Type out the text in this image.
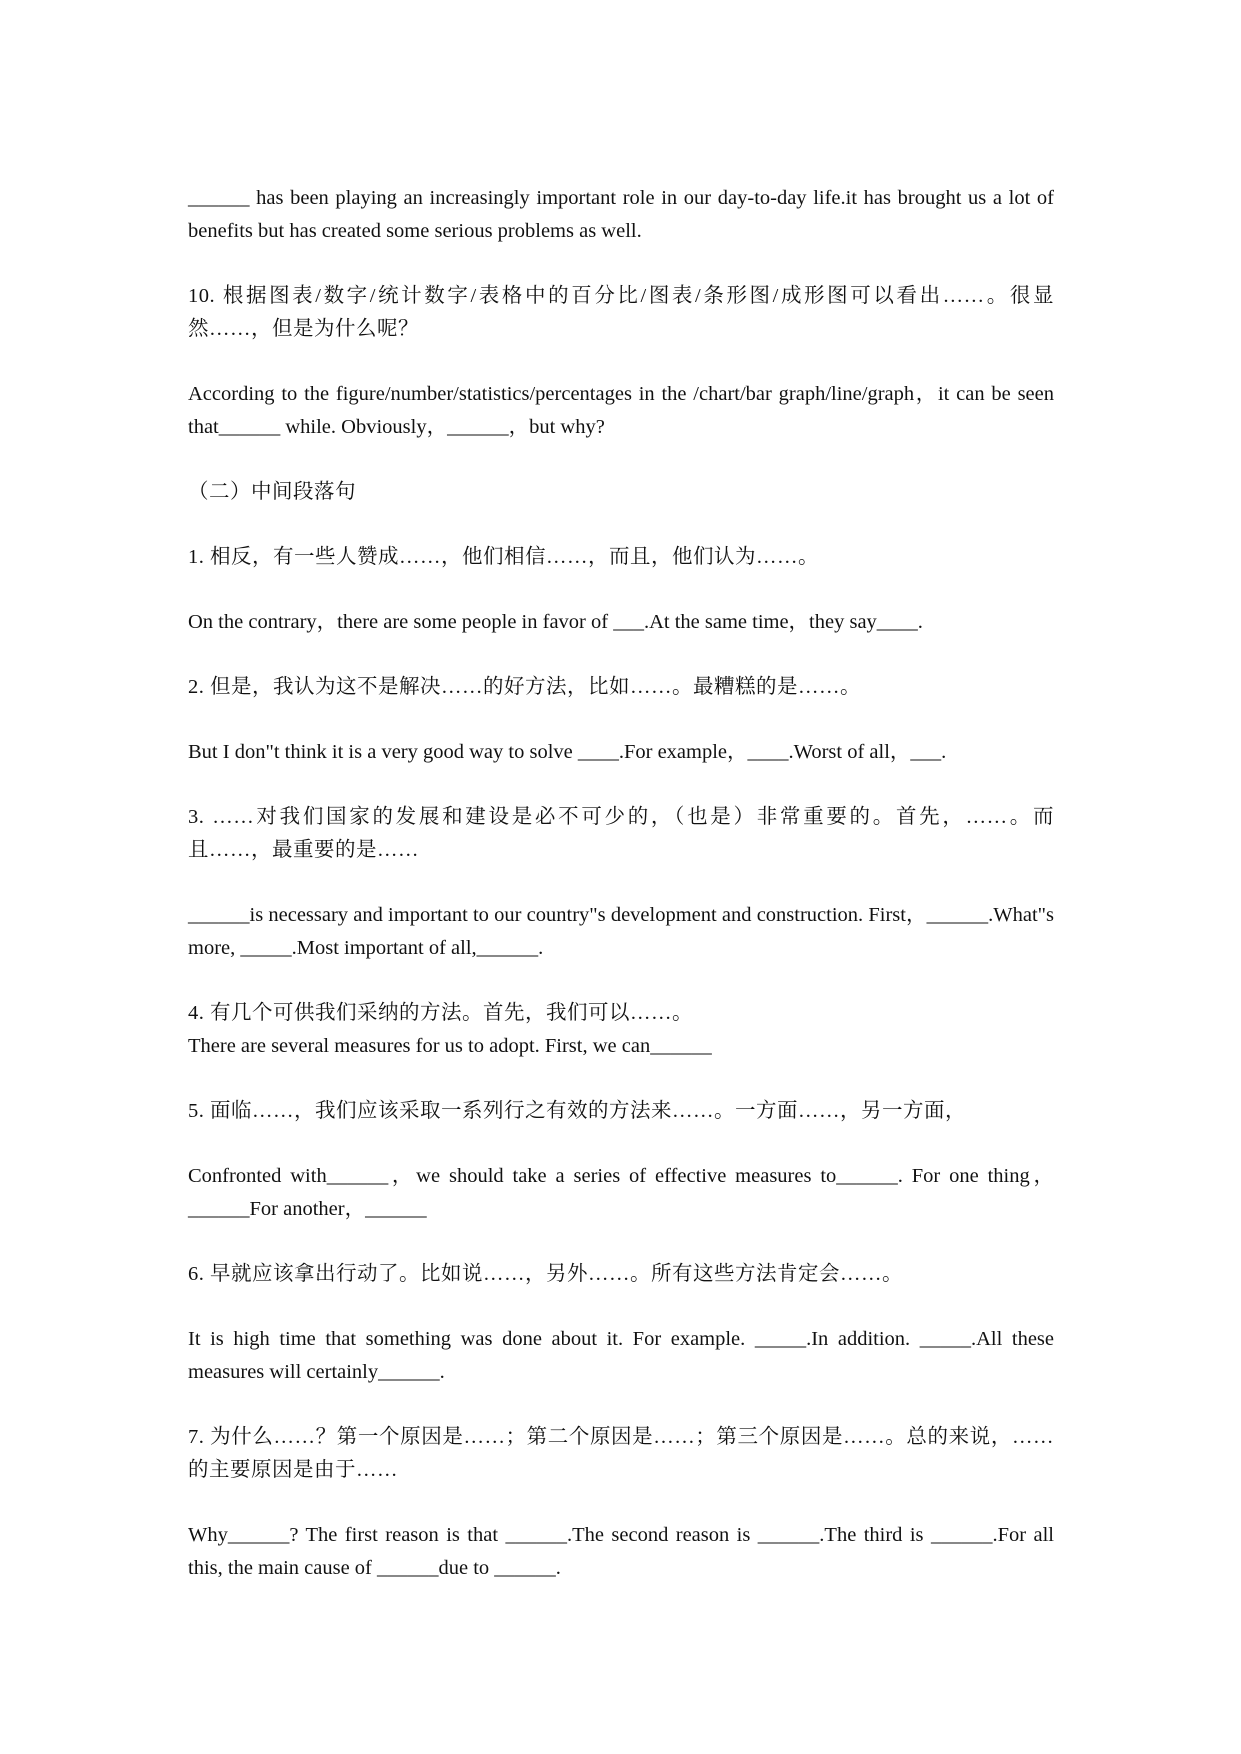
______ has been playing an increasingly important role in our day-to-day life.it has brought us a lot of benefits but has created some serious problems as well.

10. 根据图表/数字/统计数字/表格中的百分比/图表/条形图/成形图可以看出……。很显然……，但是为什么呢？

According to the figure/number/statistics/percentages in the /chart/bar graph/line/graph，it can be seen that______ while. Obviously，______，but why?

（二）中间段落句

1. 相反，有一些人赞成……，他们相信……，而且，他们认为……。

On the contrary，there are some people in favor of ___.At the same time，they say____.

2. 但是，我认为这不是解决……的好方法，比如……。最糟糕的是……。

But I don"t think it is a very good way to solve ____.For example，____.Worst of all，___.

3. ……对我们国家的发展和建设是必不可少的，（也是）非常重要的。首先，……。而且……，最重要的是……

______is necessary and important to our country"s development and construction. First，______.What"s more, _____.Most important of all,______.

4. 有几个可供我们采纳的方法。首先，我们可以……。

There are several measures for us to adopt. First, we can______

5. 面临……，我们应该采取一系列行之有效的方法来……。一方面……，另一方面，

Confronted with______，we should take a series of effective measures to______. For one thing，______For another，______

6. 早就应该拿出行动了。比如说……，另外……。所有这些方法肯定会……。

It is high time that something was done about it. For example. _____.In addition. _____.All these measures will certainly______.

7. 为什么……？第一个原因是……；第二个原因是……；第三个原因是……。总的来说，……的主要原因是由于……

Why______? The first reason is that ______.The second reason is ______.The third is ______.For all this, the main cause of ______due to ______.
